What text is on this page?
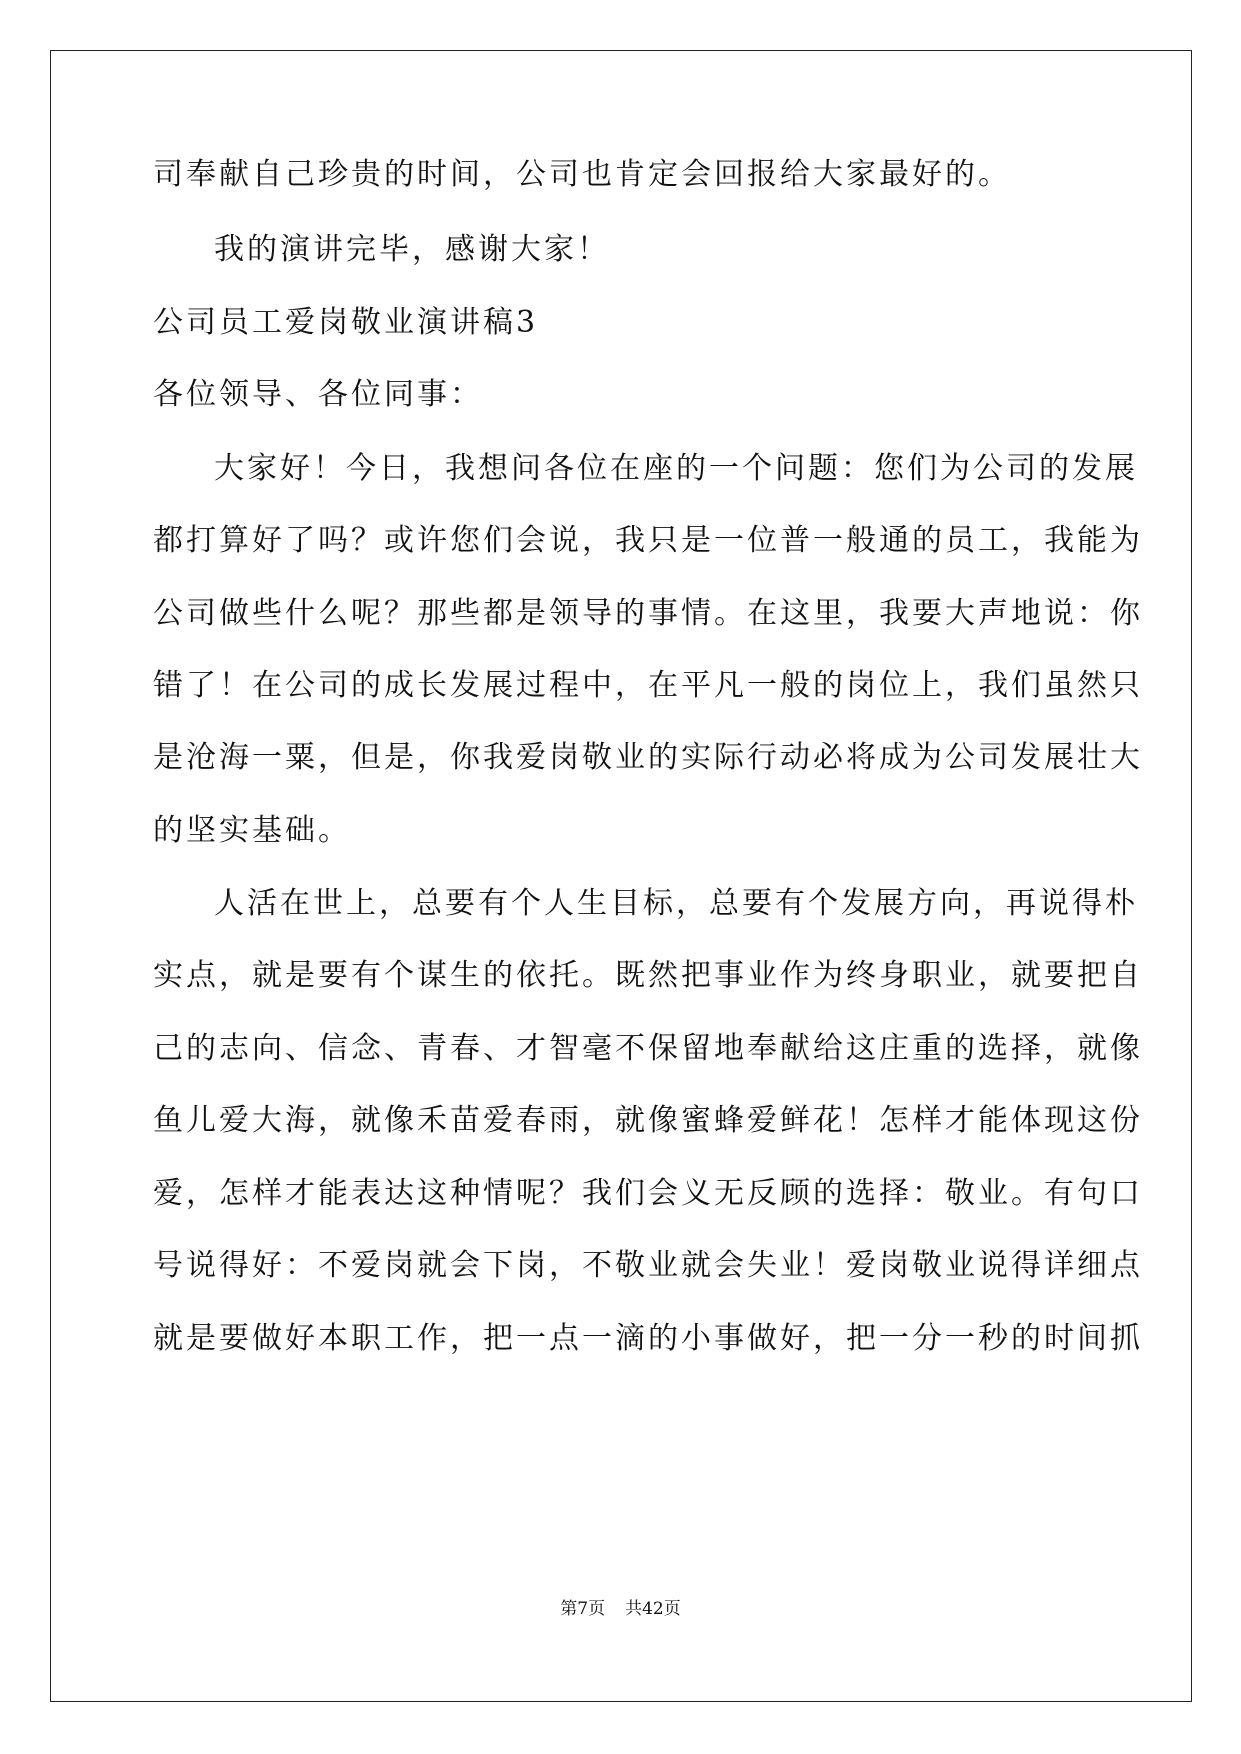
司奉献自己珍贵的时间，公司也肯定会回报给大家最好的。
我的演讲完毕，感谢大家！
公司员工爱岗敬业演讲稿3
各位领导、各位同事：
大家好！今日，我想问各位在座的一个问题：您们为公司的发展
都打算好了吗？或许您们会说，我只是一位普一般通的员工，我能为
公司做些什么呢？那些都是领导的事情。在这里，我要大声地说：你
错了！在公司的成长发展过程中，在平凡一般的岗位上，我们虽然只
是沧海一粟，但是，你我爱岗敬业的实际行动必将成为公司发展壮大
的坚实基础。
人活在世上，总要有个人生目标，总要有个发展方向，再说得朴
实点，就是要有个谋生的依托。既然把事业作为终身职业，就要把自
己的志向、信念、青春、才智毫不保留地奉献给这庄重的选择，就像
鱼儿爱大海，就像禾苗爱春雨，就像蜜蜂爱鲜花！怎样才能体现这份
爱，怎样才能表达这种情呢？我们会义无反顾的选择：敬业。有句口
号说得好：不爱岗就会下岗，不敬业就会失业！爱岗敬业说得详细点
就是要做好本职工作，把一点一滴的小事做好，把一分一秒的时间抓
第7页 共42页
